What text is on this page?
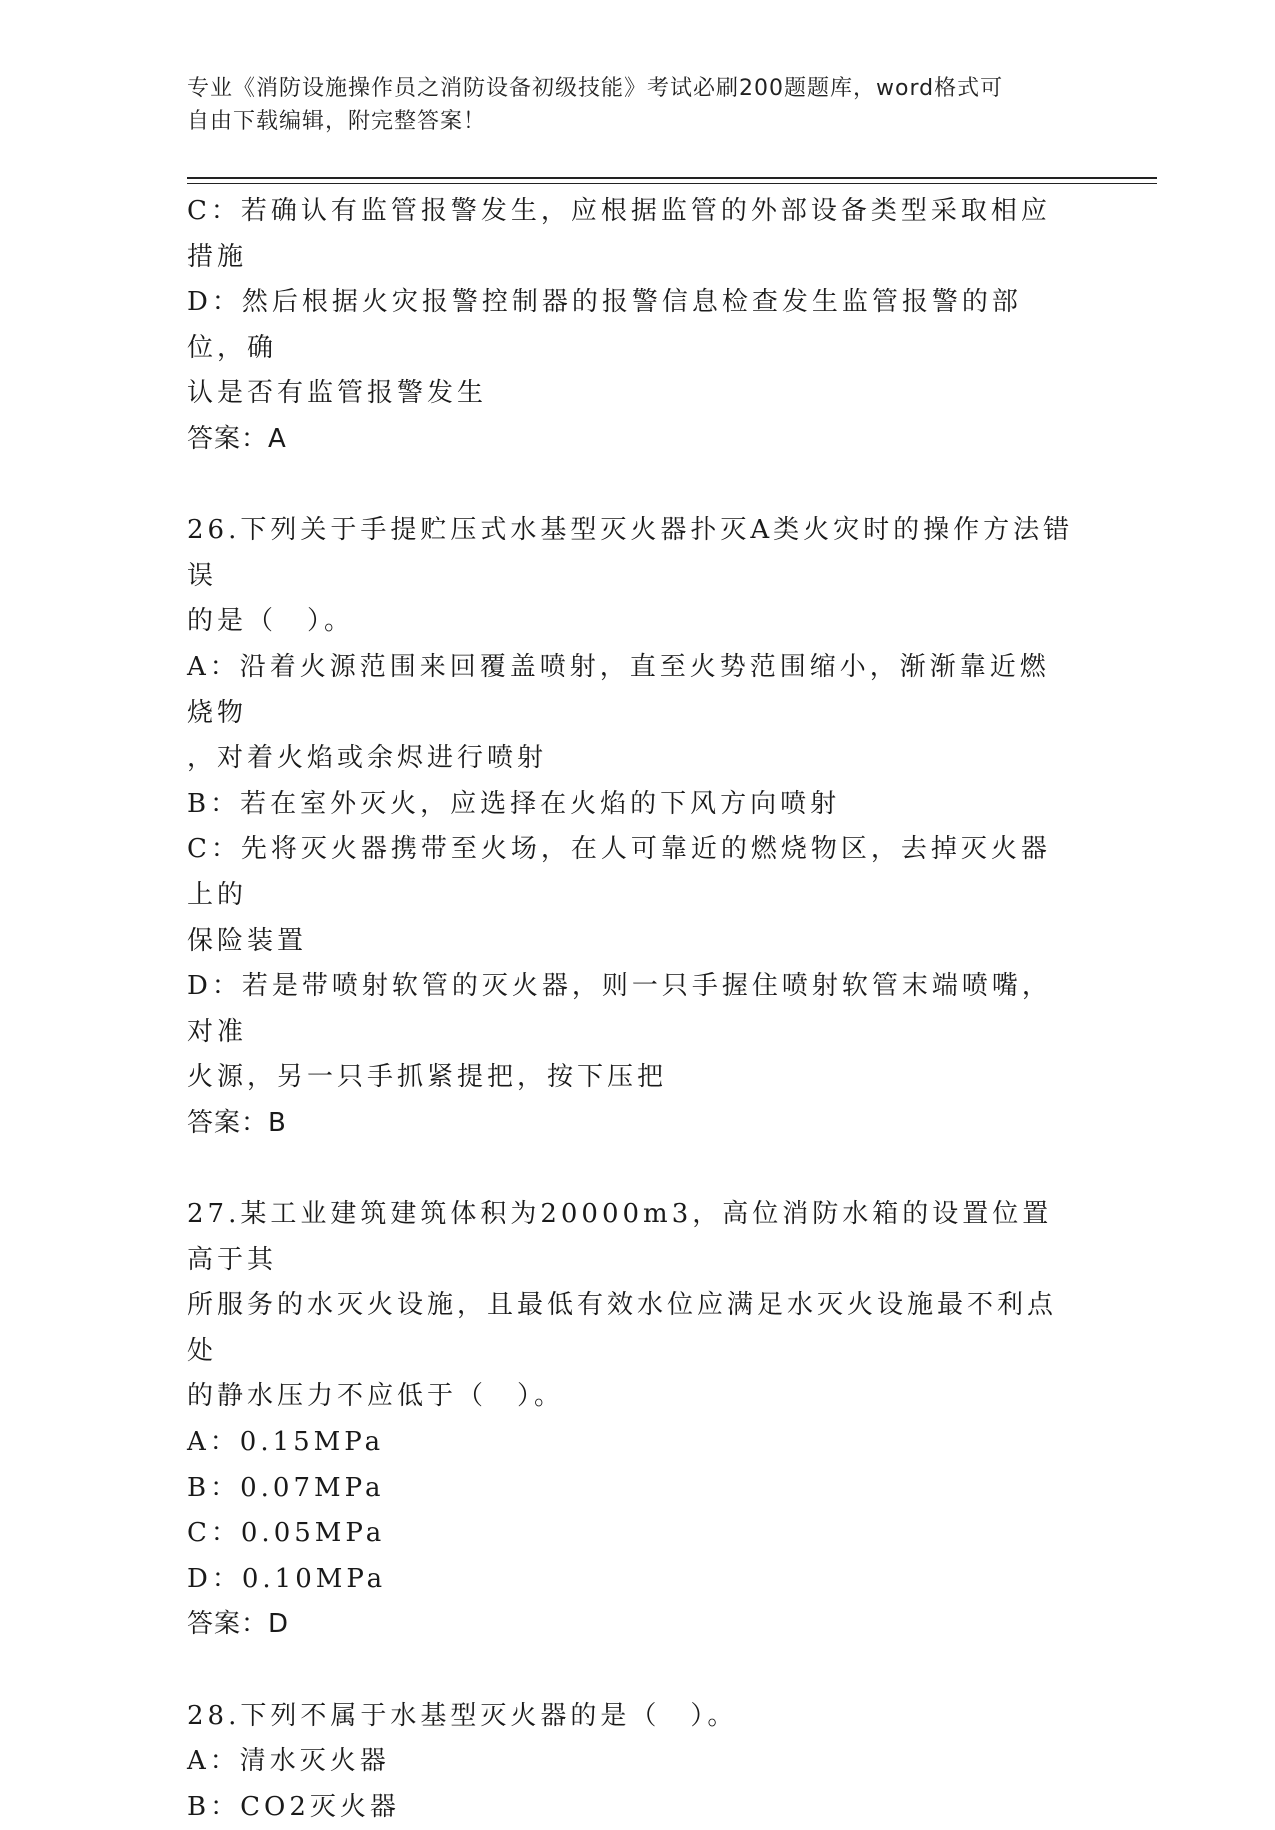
专业《消防设施操作员之消防设备初级技能》考试必刷200题题库，word格式可
自由下载编辑，附完整答案！
C：若确认有监管报警发生，应根据监管的外部设备类型采取相应措施
D：然后根据火灾报警控制器的报警信息检查发生监管报警的部位，确
认是否有监管报警发生
答案：A
26.下列关于手提贮压式水基型灭火器扑灭A类火灾时的操作方法错误
的是（　）。
A：沿着火源范围来回覆盖喷射，直至火势范围缩小，渐渐靠近燃烧物
，对着火焰或余烬进行喷射
B：若在室外灭火，应选择在火焰的下风方向喷射
C：先将灭火器携带至火场，在人可靠近的燃烧物区，去掉灭火器上的
保险装置
D：若是带喷射软管的灭火器，则一只手握住喷射软管末端喷嘴，对准
火源，另一只手抓紧提把，按下压把
答案：B
27.某工业建筑建筑体积为20000m3，高位消防水箱的设置位置高于其
所服务的水灭火设施，且最低有效水位应满足水灭火设施最不利点处
的静水压力不应低于（　）。
A：0.15MPa
B：0.07MPa
C：0.05MPa
D：0.10MPa
答案：D
28.下列不属于水基型灭火器的是（　）。
A：清水灭火器
B：CO2灭火器
